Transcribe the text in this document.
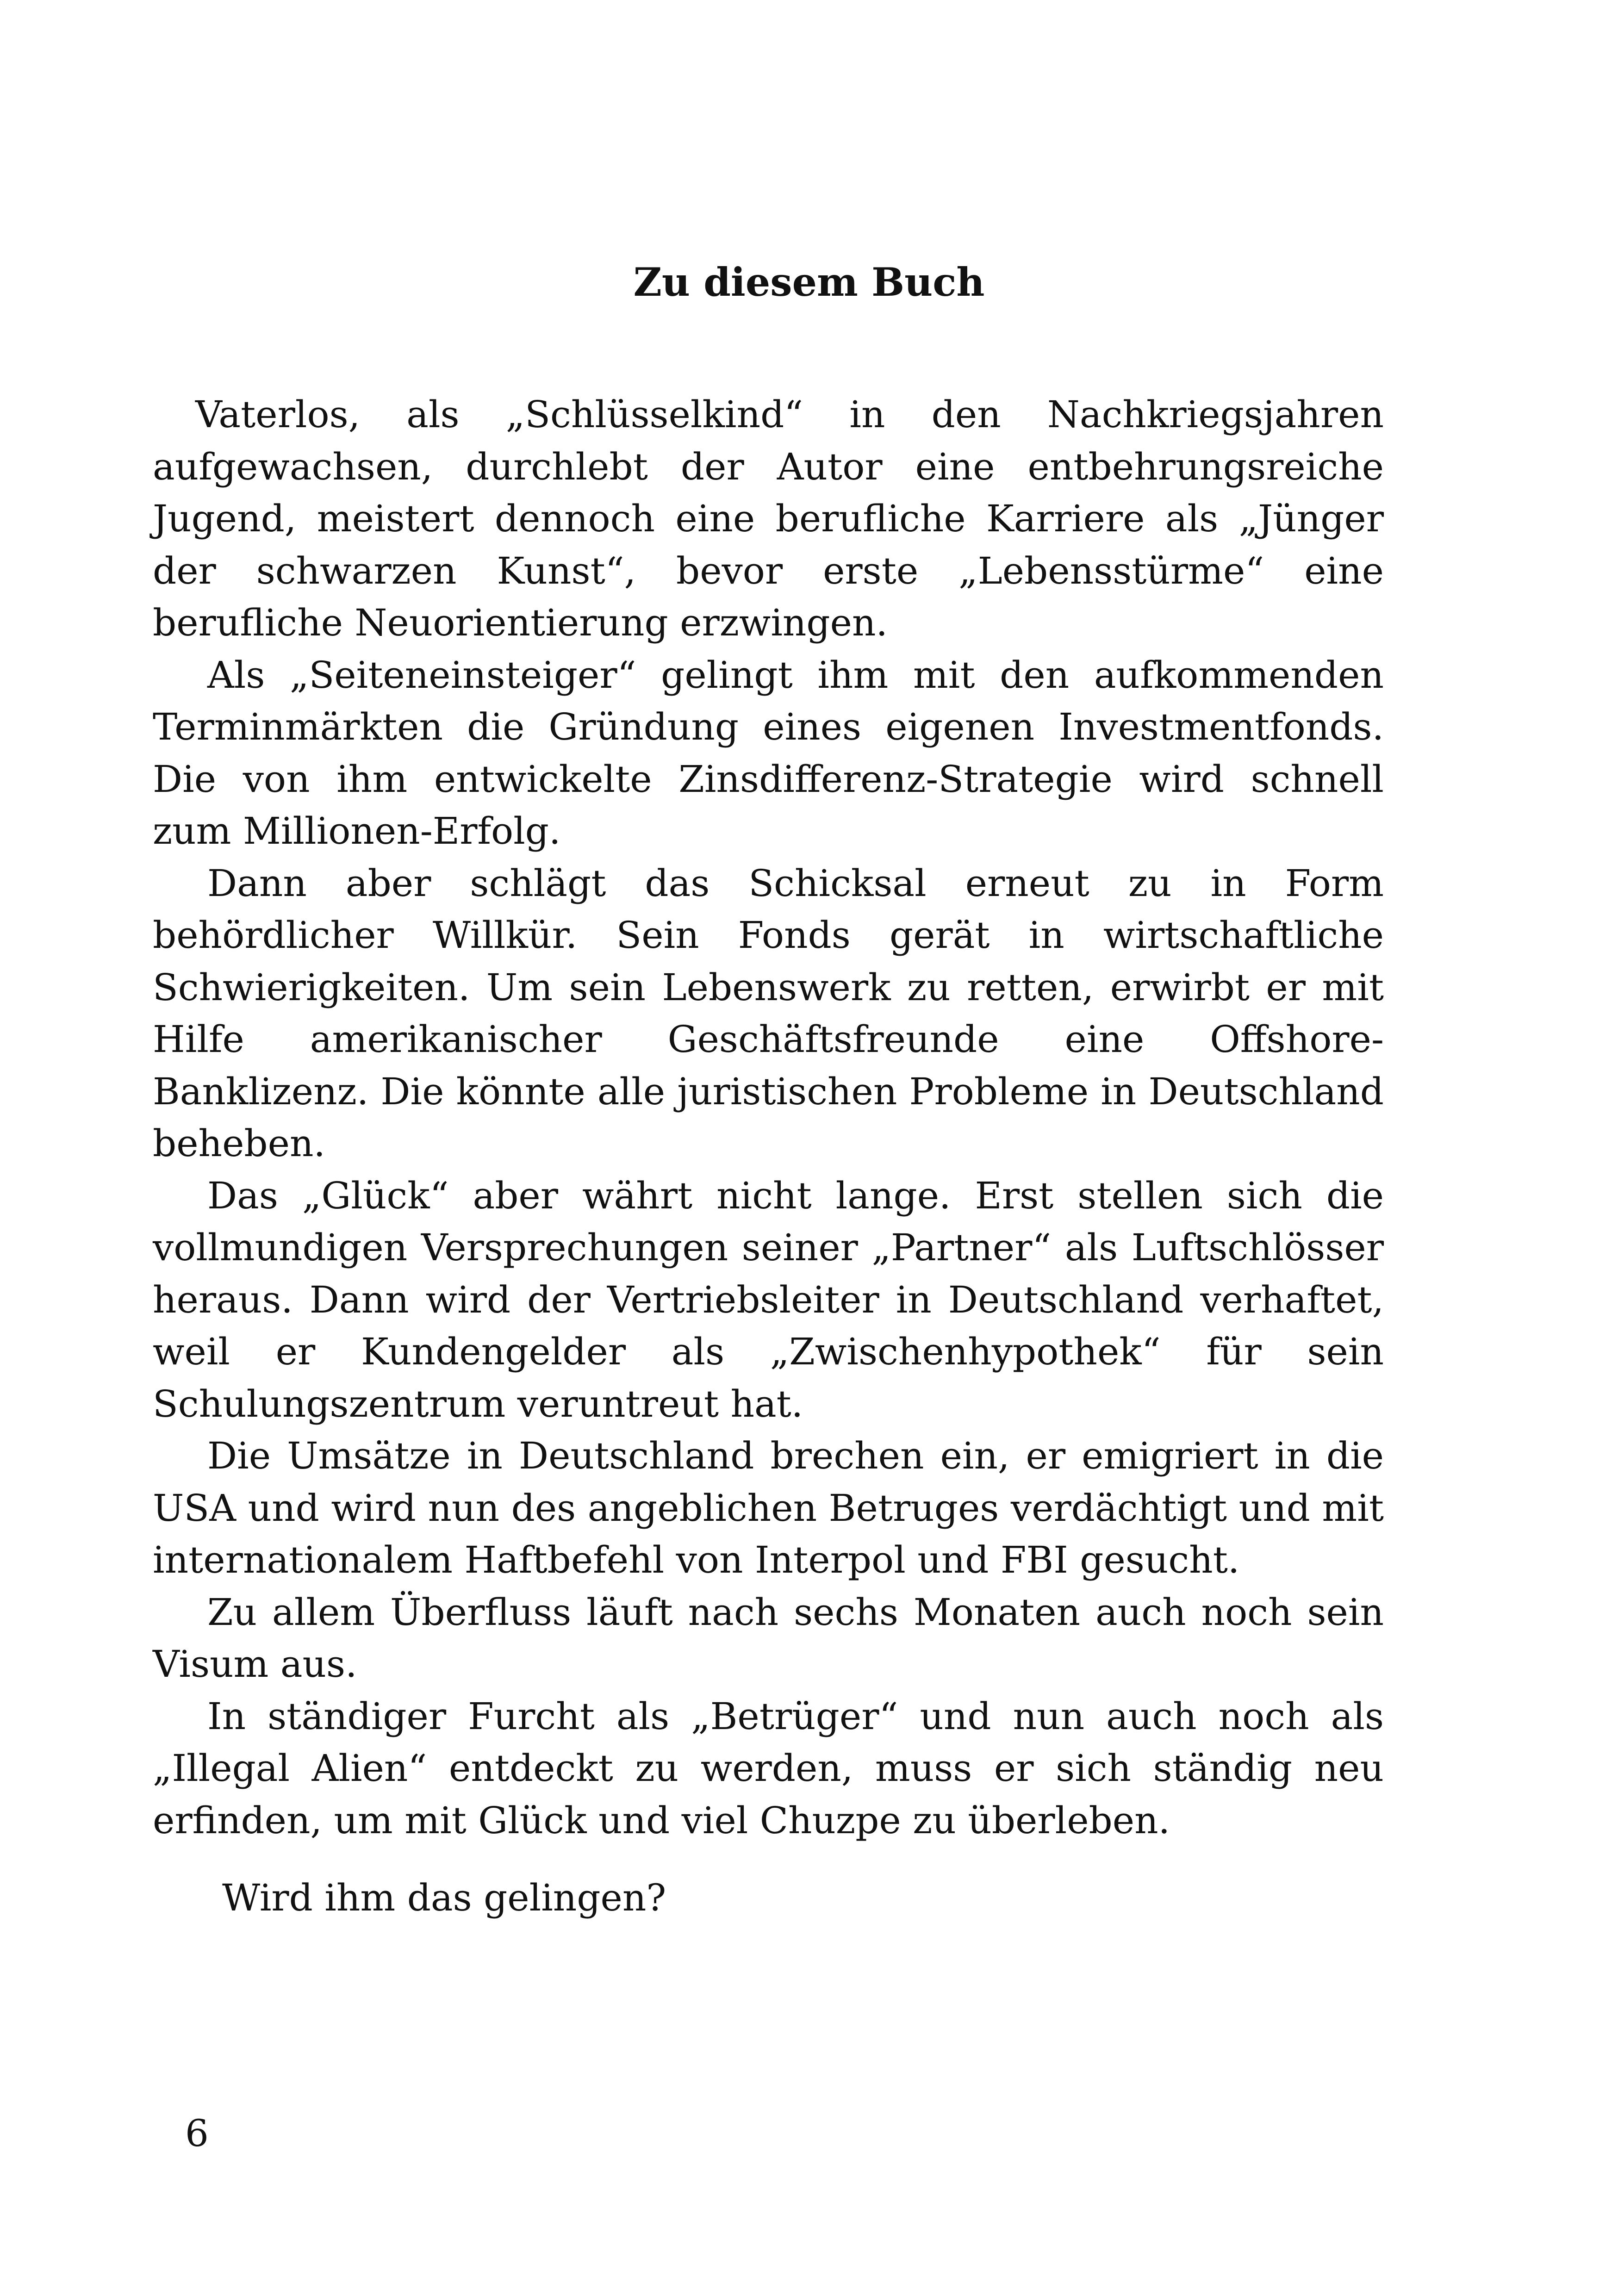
Zu diesem Buch

Vaterlos, als „Schlüsselkind“ in den Nachkriegsjahren aufgewachsen, durchlebt der Autor eine entbehrungsreiche Jugend, meistert dennoch eine berufliche Karriere als „Jünger der schwarzen Kunst“, bevor erste „Lebensstürme“ eine berufliche Neuorientierung erzwingen.

Als „Seiteneinsteiger“ gelingt ihm mit den aufkommenden Terminmärkten die Gründung eines eigenen Investmentfonds. Die von ihm entwickelte Zinsdifferenz-Strategie wird schnell zum Millionen-Erfolg.

Dann aber schlägt das Schicksal erneut zu in Form behördlicher Willkür. Sein Fonds gerät in wirtschaftliche Schwierigkeiten. Um sein Lebenswerk zu retten, erwirbt er mit Hilfe amerikanischer Geschäftsfreunde eine Offshore- Banklizenz. Die könnte alle juristischen Probleme in Deutschland beheben.

Das „Glück“ aber währt nicht lange. Erst stellen sich die vollmundigen Versprechungen seiner „Partner“ als Luftschlösser heraus. Dann wird der Vertriebsleiter in Deutschland verhaftet, weil er Kundengelder als „Zwischenhypothek“ für sein Schulungszentrum veruntreut hat.

Die Umsätze in Deutschland brechen ein, er emigriert in die USA und wird nun des angeblichen Betruges verdächtigt und mit internationalem Haftbefehl von Interpol und FBI gesucht.

Zu allem Überfluss läuft nach sechs Monaten auch noch sein Visum aus.

In ständiger Furcht als „Betrüger“ und nun auch noch als „Illegal Alien“ entdeckt zu werden, muss er sich ständig neu erfinden, um mit Glück und viel Chuzpe zu überleben.

Wird ihm das gelingen?

6
